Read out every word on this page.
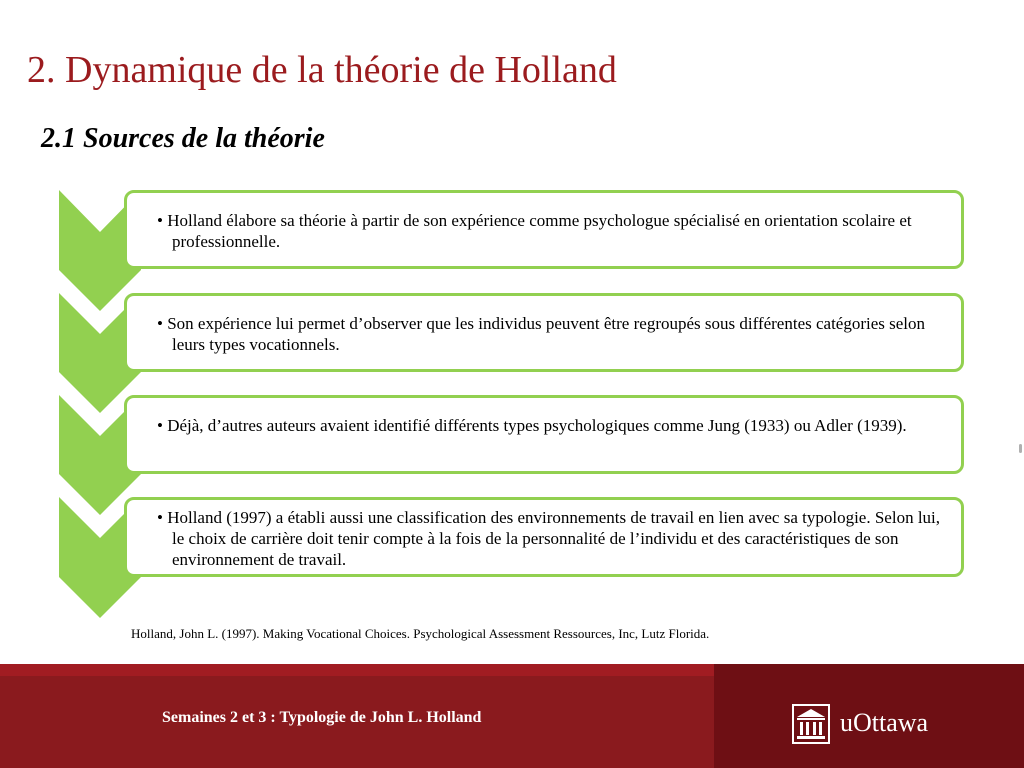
2. Dynamique de la théorie de Holland
2.1 Sources de la théorie
• Holland élabore sa théorie à partir de son expérience comme psychologue spécialisé en orientation scolaire et professionnelle.
• Son expérience lui permet d’observer que les individus peuvent être regroupés sous différentes catégories selon leurs types vocationnels.
• Déjà, d’autres auteurs avaient identifié différents types psychologiques comme Jung (1933) ou Adler (1939).
• Holland (1997) a établi aussi une classification des environnements de travail en lien avec sa typologie. Selon lui, le choix de carrière doit tenir compte à la fois de la personnalité de l’individu et des caractéristiques de son environnement de travail.
Holland, John L. (1997). Making Vocational Choices. Psychological Assessment Ressources, Inc, Lutz Florida.
Semaines 2 et 3 : Typologie de John L. Holland	uOttawa
